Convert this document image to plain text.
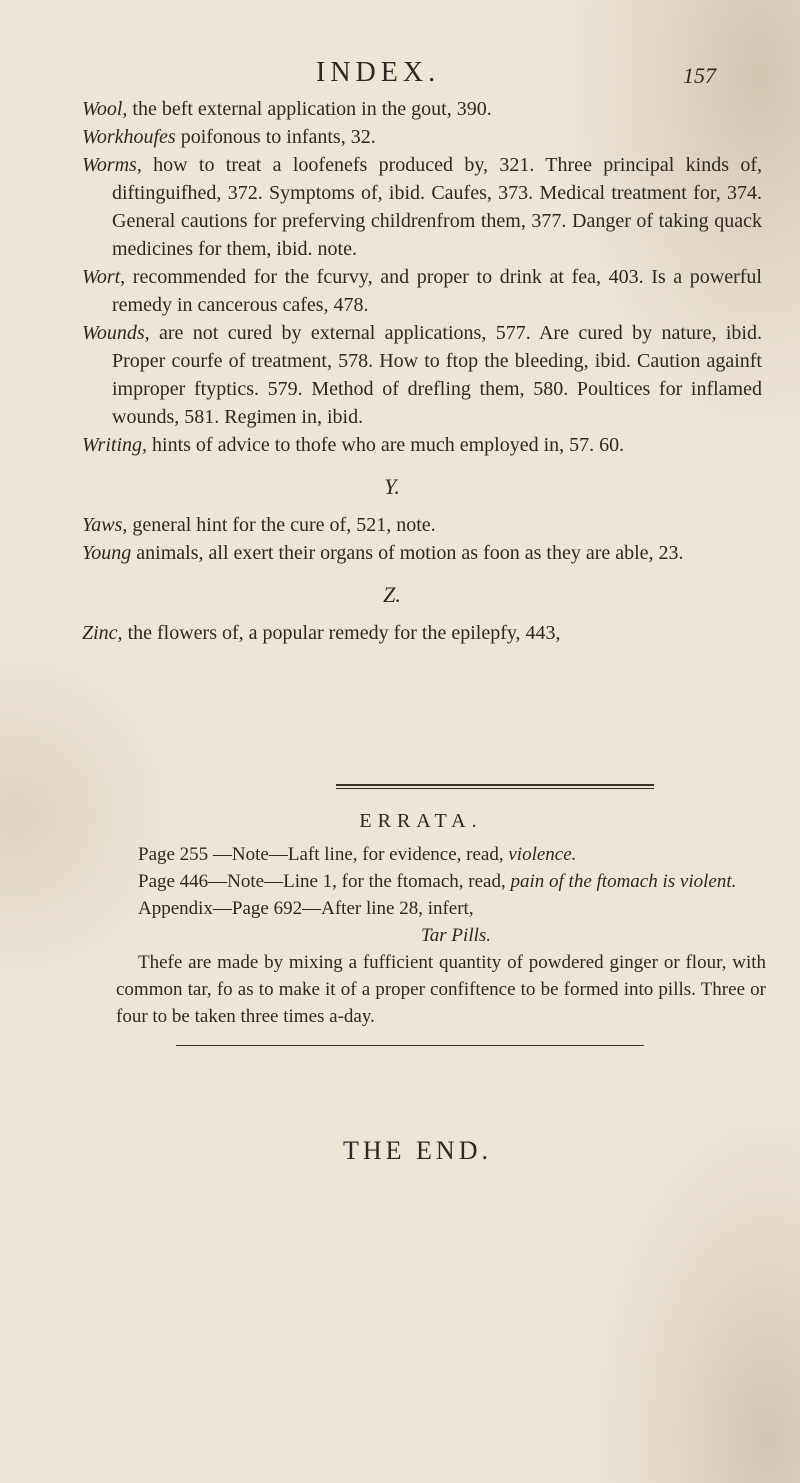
INDEX.	157

Wool, the beft external application in the gout, 390.

Workhoufes poifonous to infants, 32.

Worms, how to treat a loofenefs produced by, 321. Three principal kinds of, diftinguifhed, 372. Symptoms of, ibid. Caufes, 373. Medical treatment for, 374. General cautions for preferving childrenfrom them, 377. Danger of taking quack medicines for them, ibid. note.

Wort, recommended for the fcurvy, and proper to drink at fea, 403. Is a powerful remedy in cancerous cafes, 478.

Wounds, are not cured by external applications, 577. Are cured by nature, ibid. Proper courfe of treatment, 578. How to ftop the bleeding, ibid. Caution againft improper ftyptics. 579. Method of drefling them, 580. Poultices for inflamed wounds, 581. Regimen in, ibid.

Writing, hints of advice to thofe who are much employed in, 57. 60.

Y.

Yaws, general hint for the cure of, 521, note.

Young animals, all exert their organs of motion as foon as they are able, 23.

Z.

Zinc, the flowers of, a popular remedy for the epilepfy, 443,

ERRATA.

Page 255 —Note—Laft line, for evidence, read, violence.

Page 446—Note—Line 1, for the ftomach, read, pain of the ftomach is violent.

Appendix—Page 692—After line 28, infert,

Tar Pills.

Thefe are made by mixing a fufficient quantity of powdered ginger or flour, with common tar, fo as to make it of a proper confiftence to be formed into pills. Three or four to be taken three times a-day.

THE END.
